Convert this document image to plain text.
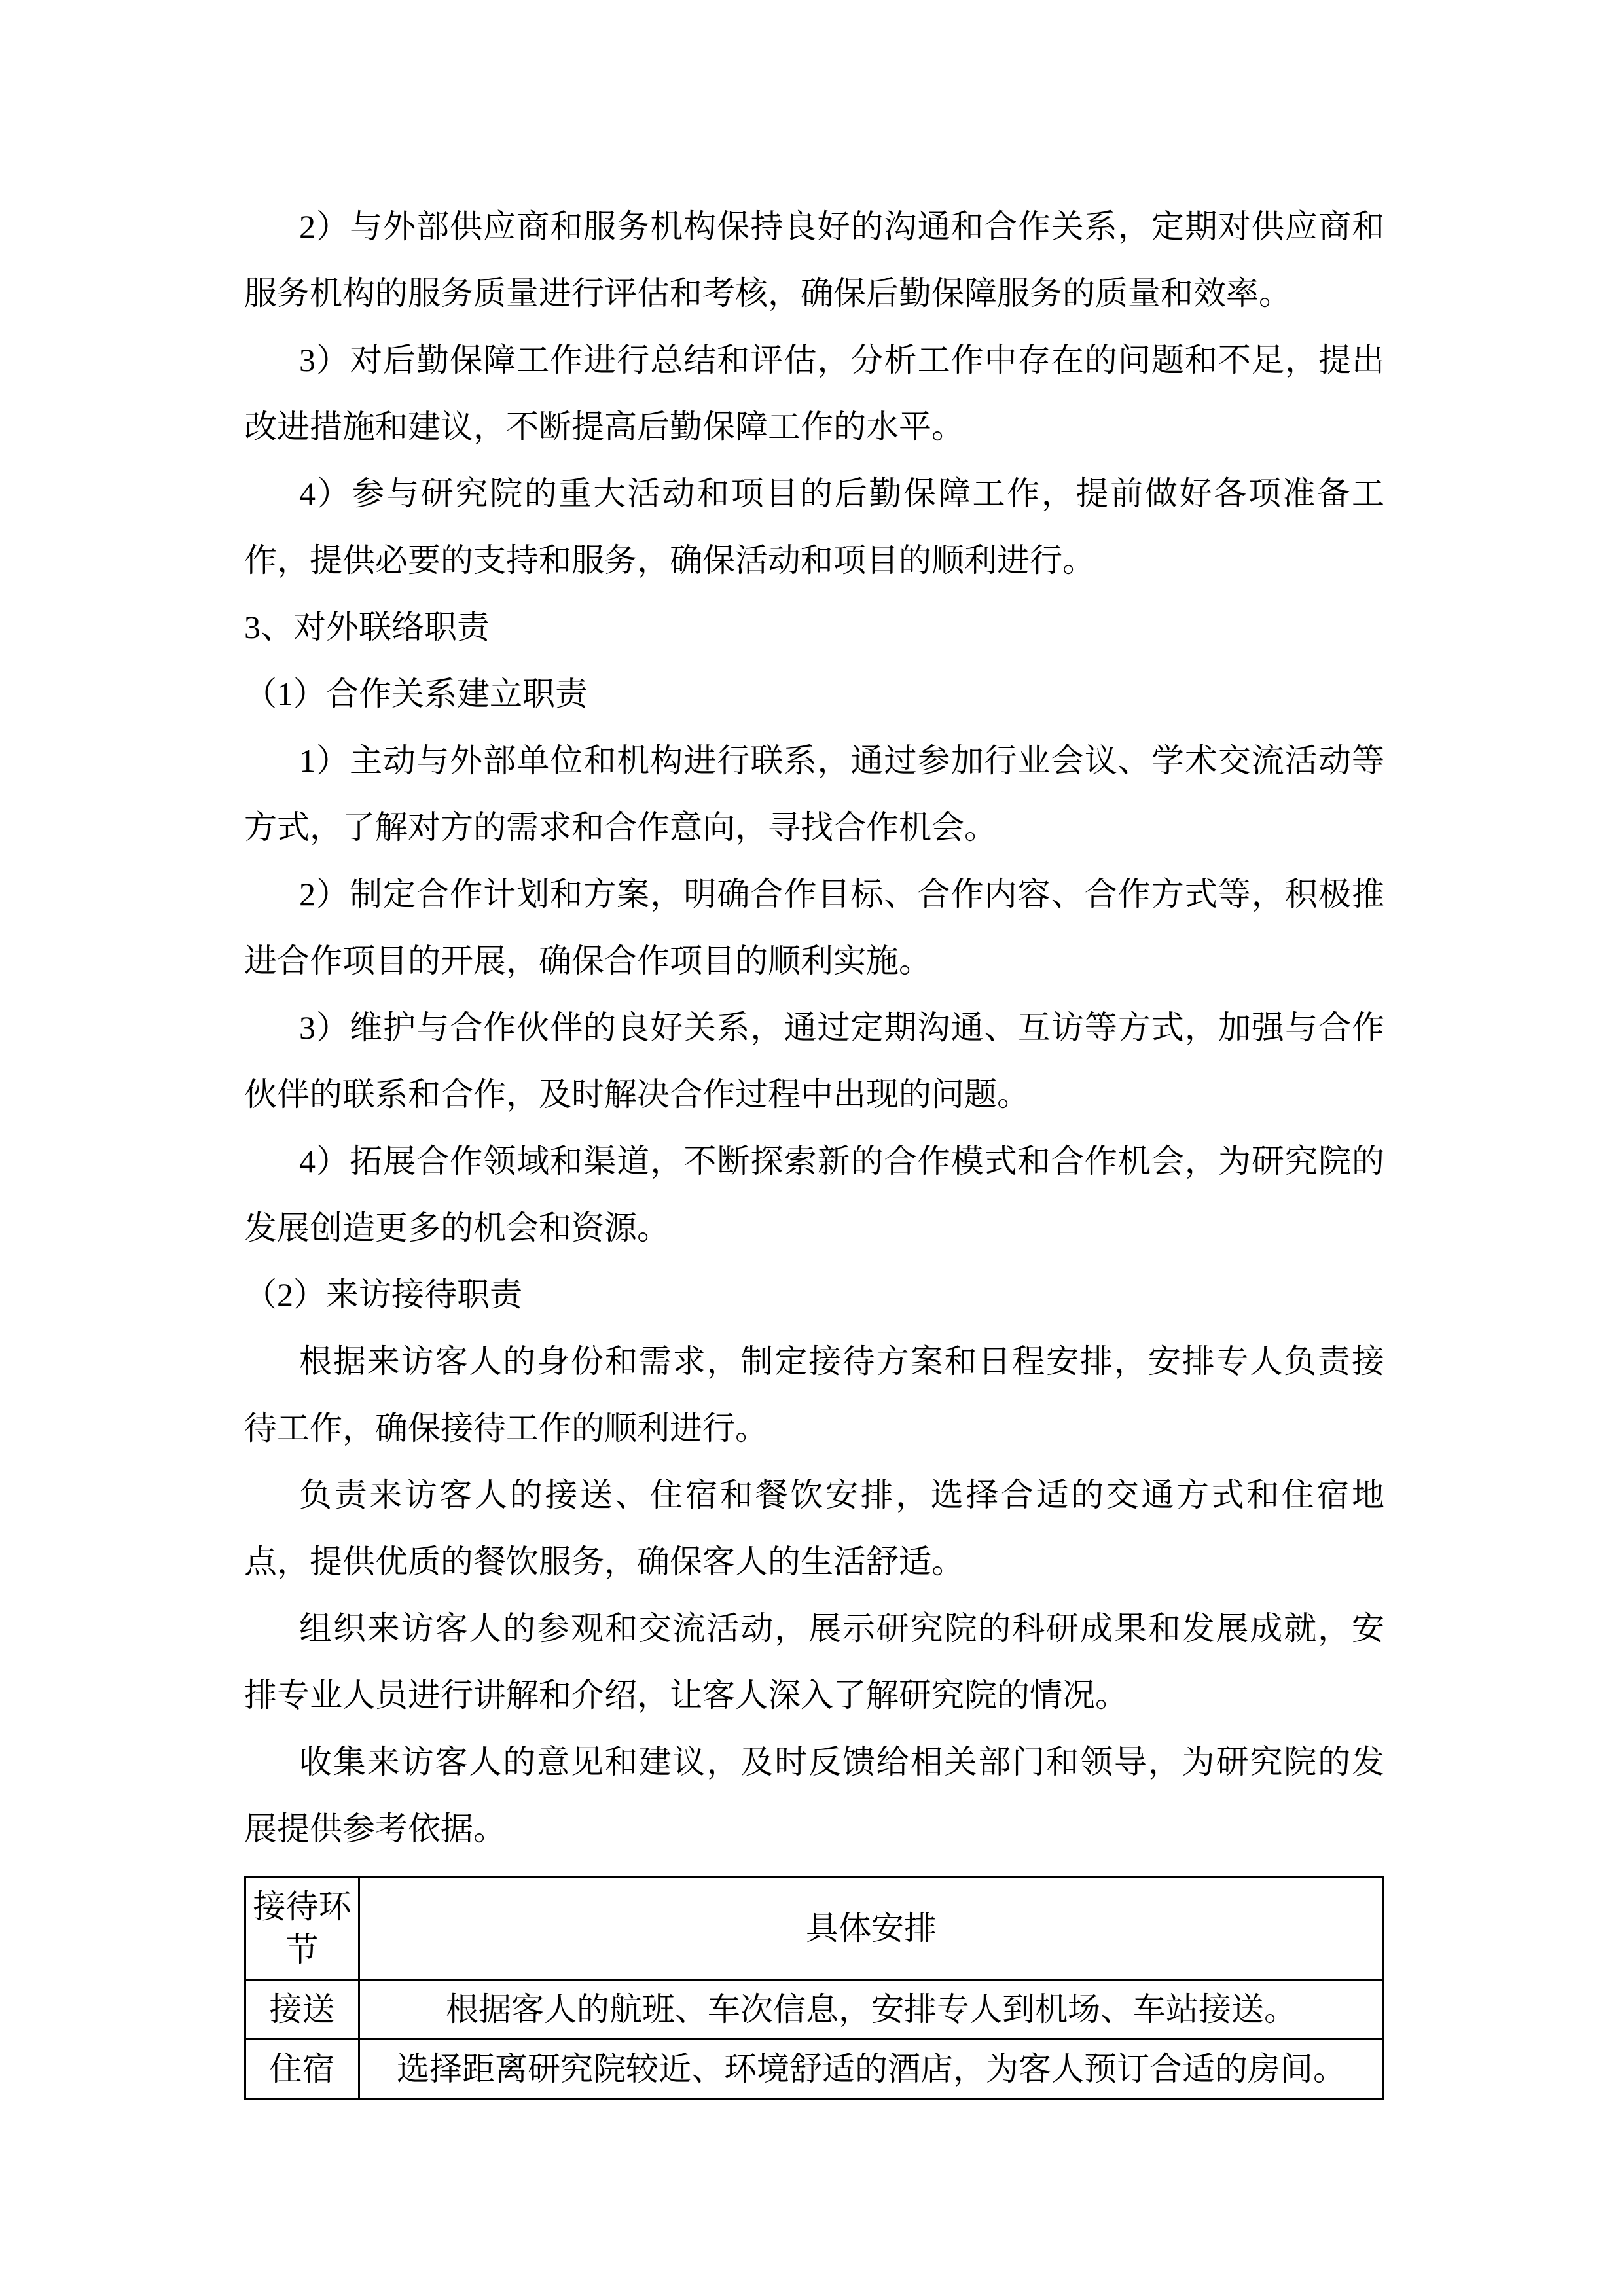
2）与外部供应商和服务机构保持良好的沟通和合作关系，定期对供应商和
服务机构的服务质量进行评估和考核，确保后勤保障服务的质量和效率。
3）对后勤保障工作进行总结和评估，分析工作中存在的问题和不足，提出
改进措施和建议，不断提高后勤保障工作的水平。
4）参与研究院的重大活动和项目的后勤保障工作，提前做好各项准备工
作，提供必要的支持和服务，确保活动和项目的顺利进行。
3、对外联络职责
（1）合作关系建立职责
1）主动与外部单位和机构进行联系，通过参加行业会议、学术交流活动等
方式，了解对方的需求和合作意向，寻找合作机会。
2）制定合作计划和方案，明确合作目标、合作内容、合作方式等，积极推
进合作项目的开展，确保合作项目的顺利实施。
3）维护与合作伙伴的良好关系，通过定期沟通、互访等方式，加强与合作
伙伴的联系和合作，及时解决合作过程中出现的问题。
4）拓展合作领域和渠道，不断探索新的合作模式和合作机会，为研究院的
发展创造更多的机会和资源。
（2）来访接待职责
根据来访客人的身份和需求，制定接待方案和日程安排，安排专人负责接
待工作，确保接待工作的顺利进行。
负责来访客人的接送、住宿和餐饮安排，选择合适的交通方式和住宿地
点，提供优质的餐饮服务，确保客人的生活舒适。
组织来访客人的参观和交流活动，展示研究院的科研成果和发展成就，安
排专业人员进行讲解和介绍，让客人深入了解研究院的情况。
收集来访客人的意见和建议，及时反馈给相关部门和领导，为研究院的发
展提供参考依据。
接待环节	具体安排
接送	根据客人的航班、车次信息，安排专人到机场、车站接送。
住宿	选择距离研究院较近、环境舒适的酒店，为客人预订合适的房间。
